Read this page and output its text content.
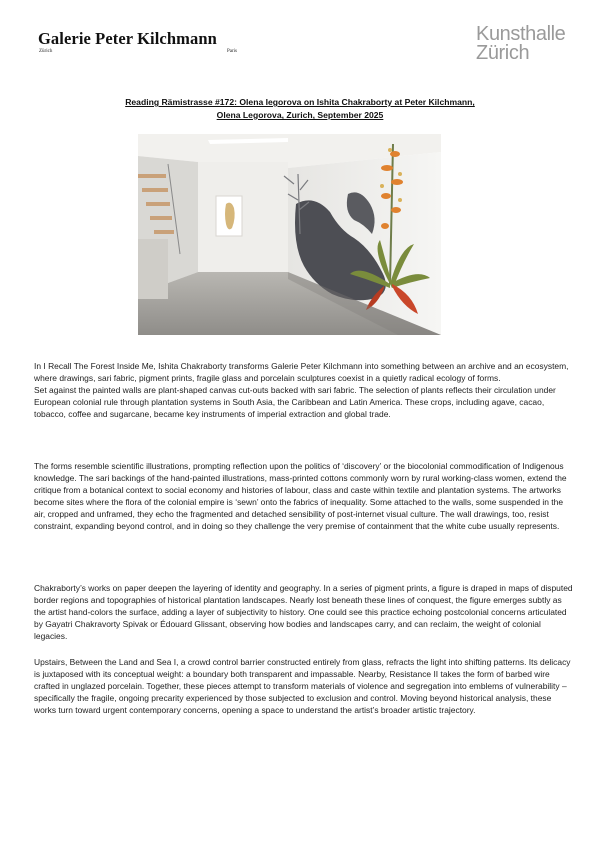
Galerie Peter Kilchmann
Zürich	Paris
Kunsthalle
Zürich
Reading Rämistrasse #172: Olena Iegorova on Ishita Chakraborty at Peter Kilchmann,
Olena Legorova, Zurich, September 2025

In I Recall The Forest Inside Me, Ishita Chakraborty transforms Galerie Peter Kilchmann into something between an archive and an ecosystem, where drawings, sari fabric, pigment prints, fragile glass and porcelain sculptures coexist in a quietly radical ecology of forms.

Set against the painted walls are plant-shaped canvas cut-outs backed with sari fabric. The selection of plants reflects their circulation under European colonial rule through plantation systems in South Asia, the Caribbean and Latin America. These crops, including agave, cacao, tobacco, coffee and sugarcane, became key instruments of imperial extraction and global trade.

The forms resemble scientific illustrations, prompting reflection upon the politics of ‘discovery’ or the biocolonial commodification of Indigenous knowledge. The sari backings of the hand-painted illustrations, mass-printed cottons commonly worn by rural working-class women, extend the critique from a botanical context to social economy and histories of labour, class and caste within textile and plantation systems. The artworks become sites where the flora of the colonial empire is ‘sewn’ onto the fabrics of inequality. Some attached to the walls, some suspended in the air, cropped and unframed, they echo the fragmented and detached sensibility of post-internet visual culture. The wall drawings, too, resist constraint, expanding beyond control, and in doing so they challenge the very premise of containment that the white cube usually represents.

Chakraborty’s works on paper deepen the layering of identity and geography. In a series of pigment prints, a figure is draped in maps of disputed border regions and topographies of historical plantation landscapes. Nearly lost beneath these lines of conquest, the figure emerges subtly as the artist hand-colors the surface, adding a layer of subjectivity to history. One could see this practice echoing postcolonial concerns articulated by Gayatri Chakravorty Spivak or Édouard Glissant, observing how bodies and landscapes carry, and can reclaim, the weight of colonial legacies.

Upstairs, Between the Land and Sea I, a crowd control barrier constructed entirely from glass, refracts the light into shifting patterns. Its delicacy is juxtaposed with its conceptual weight: a boundary both transparent and impassable. Nearby, Resistance II takes the form of barbed wire crafted in unglazed porcelain. Together, these pieces attempt to transform materials of violence and segregation into emblems of vulnerability – specifically the fragile, ongoing precarity experienced by those subjected to exclusion and control. Moving beyond historical analysis, these works turn toward urgent contemporary concerns, opening a space to understand the artist’s broader artistic trajectory.
